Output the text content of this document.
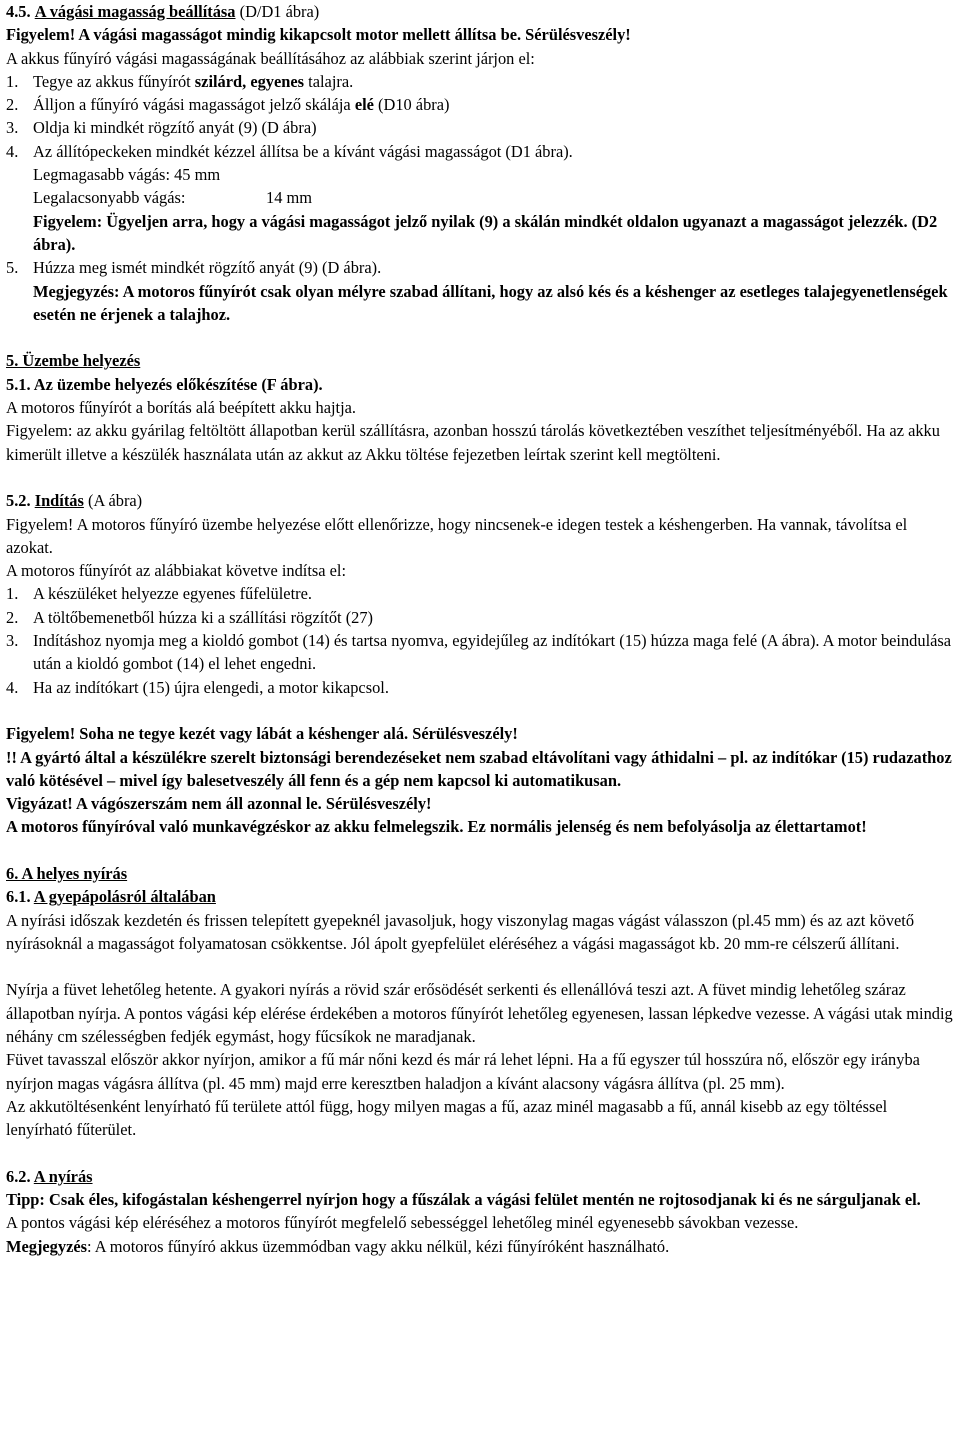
4.5. A vágási magasság beállítása (D/D1 ábra)

Figyelem! A vágási magasságot mindig kikapcsolt motor mellett állítsa be. Sérülésveszély!

A akkus fűnyíró vágási magasságának beállításához az alábbiak szerint járjon el:

1. Tegye az akkus fűnyírót szilárd, egyenes talajra.
2. Álljon a fűnyíró vágási magasságot jelző skálája elé (D10 ábra)
3. Oldja ki mindkét rögzítő anyát (9) (D ábra)
4. Az állítópeckeken mindkét kézzel állítsa be a kívánt vágási magasságot (D1 ábra).
Legmagasabb vágás: 45 mm
Legalacsonyabb vágás:	14 mm

Figyelem: Ügyeljen arra, hogy a vágási magasságot jelző nyilak (9) a skálán mindkét oldalon ugyanazt a magasságot jelezzék. (D2 ábra).

5. Húzza meg ismét mindkét rögzítő anyát (9) (D ábra).

Megjegyzés: A motoros fűnyírót csak olyan mélyre szabad állítani, hogy az alsó kés és a késhenger az esetleges talajegyenetlenségek esetén ne érjenek a talajhoz.

5. Üzembe helyezés

5.1. Az üzembe helyezés előkészítése (F ábra).

A motoros fűnyírót a borítás alá beépített akku hajtja.

Figyelem: az akku gyárilag feltöltött állapotban kerül szállításra, azonban hosszú tárolás következtében veszíthet teljesítményéből. Ha az akku kimerült illetve a készülék használata után az akkut az Akku töltése fejezetben leírtak szerint kell megtölteni.

5.2. Indítás (A ábra)

Figyelem! A motoros fűnyíró üzembe helyezése előtt ellenőrizze, hogy nincsenek-e idegen testek a késhengerben. Ha vannak, távolítsa el azokat.

A motoros fűnyírót az alábbiakat követve indítsa el:

1. A készüléket helyezze egyenes fűfelületre.
2. A töltőbemenetből húzza ki a szállítási rögzítőt (27)
3. Indításhoz nyomja meg a kioldó gombot (14) és tartsa nyomva, egyidejűleg az indítókart (15) húzza maga felé (A ábra). A motor beindulása után a kioldó gombot (14) el lehet engedni.
4. Ha az indítókart (15) újra elengedi, a motor kikapcsol.

Figyelem! Soha ne tegye kezét vagy lábát a késhenger alá. Sérülésveszély!

!! A gyártó által a készülékre szerelt biztonsági berendezéseket nem szabad eltávolítani vagy áthidalni – pl. az indítókar (15) rudazathoz való kötésével – mivel így balesetveszély áll fenn és a gép nem kapcsol ki automatikusan.

Vigyázat! A vágószerszám nem áll azonnal le. Sérülésveszély!

A motoros fűnyíróval való munkavégzéskor az akku felmelegszik. Ez normális jelenség és nem befolyásolja az élettartamot!

6. A helyes nyírás

6.1. A gyepápolásról általában

A nyírási időszak kezdetén és frissen telepített gyepeknél javasoljuk, hogy viszonylag magas vágást válasszon (pl.45 mm) és az azt követő nyírásoknál a magasságot folyamatosan csökkentse. Jól ápolt gyepfelület eléréséhez a vágási magasságot kb. 20 mm-re célszerű állítani.

Nyírja a füvet lehetőleg hetente. A gyakori nyírás a rövid szár erősödését serkenti és ellenállóvá teszi azt. A füvet mindig lehetőleg száraz állapotban nyírja. A pontos vágási kép elérése érdekében a motoros fűnyírót lehetőleg egyenesen, lassan lépkedve vezesse. A vágási utak mindig néhány cm szélességben fedjék egymást, hogy fűcsíkok ne maradjanak.

Füvet tavasszal először akkor nyírjon, amikor a fű már nőni kezd és már rá lehet lépni. Ha a fű egyszer túl hosszúra nő, először egy irányba nyírjon magas vágásra állítva (pl. 45 mm) majd erre keresztben haladjon a kívánt alacsony vágásra állítva (pl. 25 mm).

Az akkutöltésenként lenyírható fű területe attól függ, hogy milyen magas a fű, azaz minél magasabb a fű, annál kisebb az egy töltéssel lenyírható fűterület.

6.2. A nyírás

Tipp: Csak éles, kifogástalan késhengerrel nyírjon hogy a fűszálak a vágási felület mentén ne rojtosodjanak ki és ne sárguljanak el.

A pontos vágási kép eléréséhez a motoros fűnyírót megfelelő sebességgel lehetőleg minél egyenesebb sávokban vezesse.

Megjegyzés: A motoros fűnyíró akkus üzemmódban vagy akku nélkül, kézi fűnyíróként használható.
